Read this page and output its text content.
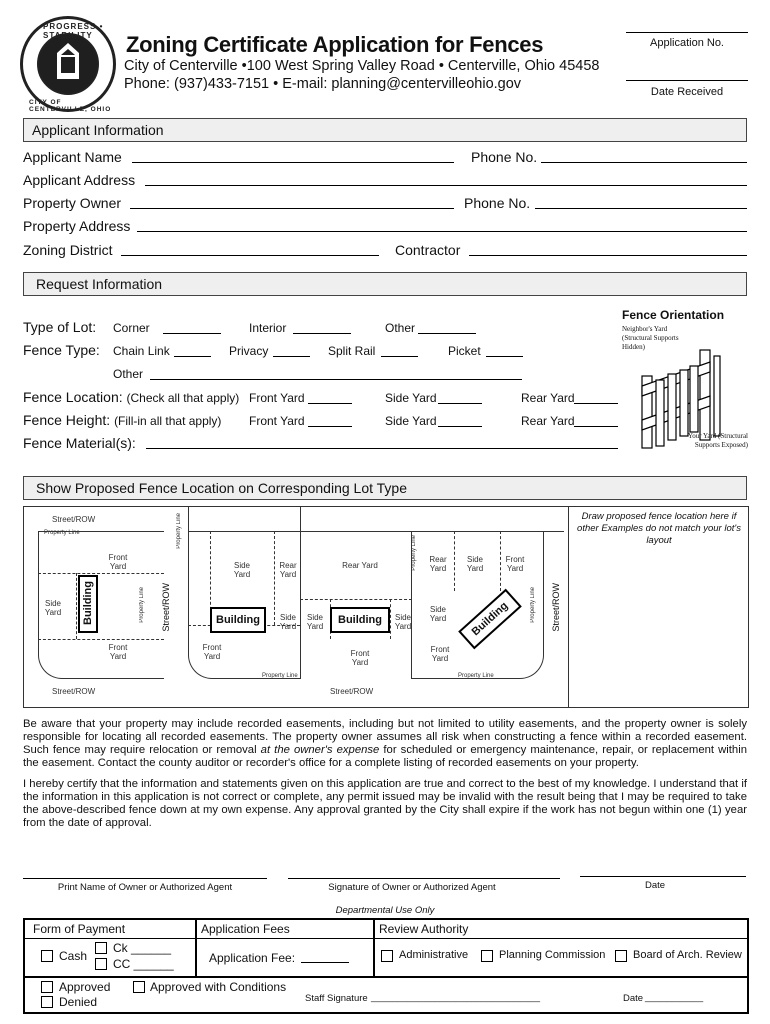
PROGRESS • STABILITY
CITY OF CENTERVILLE, OHIO
Zoning Certificate Application for Fences
City of Centerville •100 West Spring Valley Road • Centerville, Ohio 45458
Phone: (937)433-7151 • E-mail: planning@centervilleohio.gov
Application No.
Date Received
Applicant Information
Applicant Name	Phone No.
Applicant Address
Property Owner	Phone No.
Property Address
Zoning District	Contractor
Request Information
Type of Lot: Corner	Interior	Other
Fence Type: Chain Link	Privacy	Split Rail	Picket
Other
Fence Location: (Check all that apply) Front Yard	Side Yard	Rear Yard
Fence Height: (Fill-in all that apply) Front Yard	Side Yard	Rear Yard
Fence Material(s):
Fence Orientation
Neighbor's Yard (Structural Supports Hidden)
Your Yard (Structural Supports Exposed)
Show Proposed Fence Location on Corresponding Lot Type
Street/ROW
Property Line
Front Yard
Side Yard	Building
Front Yard
Property Line
Property Line
Street/ROW
Street/ROW
Side Yard
Rear Yard
Building	Side Yard
Front Yard
Property Line
Rear Yard
Side Yard
Building	Side Yard
Front Yard
Property Line	Rear Yard
Side Yard
Front Yard
Side Yard	Building
Front Yard
Property Line
Property Line Street/ROW
Street/ROW
Draw proposed fence location here if other Examples do not match your lot's layout
Be aware that your property may include recorded easements, including but not limited to utility easements, and the property owner is solely responsible for locating all recorded easements. The property owner assumes all risk when constructing a fence within a recorded easement. Such fence may require relocation or removal at the owner's expense for scheduled or emergency maintenance, repair, or replacement within the easement. Contact the county auditor or recorder's office for a complete listing of recorded easements on your property.
I hereby certify that the information and statements given on this application are true and correct to the best of my knowledge. I understand that if the information in this application is not correct or complete, any permit issued may be invalid with the result being that I may be required to take the above-described fence down at my own expense. Any approval granted by the City shall expire if the work has not begun within one (1) year from the date of approval.
Print Name of Owner or Authorized Agent	Signature of Owner or Authorized Agent	Date
Departmental Use Only
Form of Payment	Application Fees	Review Authority
Cash
Ck ______
CC ______	Application Fee:	Administrative	Planning Commission	Board of Arch. Review
Approved
Denied
Approved with Conditions
Staff Signature ________________________________	Date ___________
